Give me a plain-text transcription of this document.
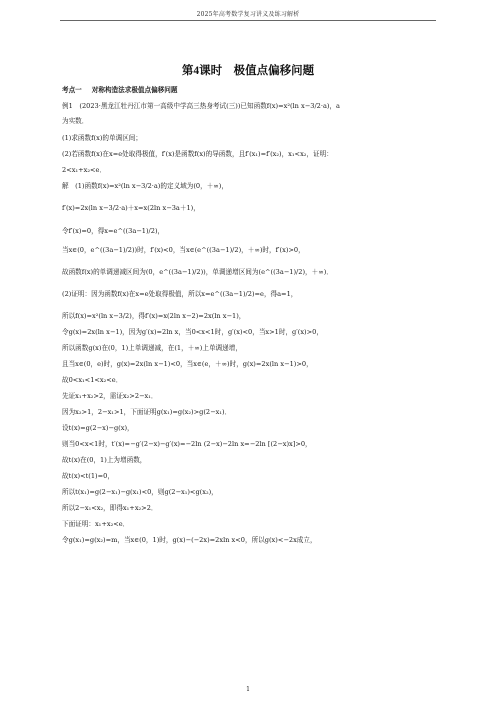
2025年高考数学复习讲义及练习解析
第4课时　极值点偏移问题
考点一 对称构造法求极值点偏移问题
例1　(2023·黑龙江牡丹江市第一高级中学高三热身考试(三))已知函数f(x)=x²(ln x−3/2·a)，a
为实数．
(1)求函数f(x)的单调区间；
(2)若函数f(x)在x=e处取得极值，f′(x)是函数f(x)的导函数，且f′(x₁)=f′(x₂)，x₁<x₂，证明：
2<x₁+x₂<e．
解　(1)函数f(x)=x²(ln x−3/2·a)的定义域为(0，＋∞)，
f′(x)=2x(ln x−3/2·a)＋x=x(2ln x−3a＋1)，
令f′(x)=0，得x=e^((3a−1)/2)，
当x∈(0，e^((3a−1)/2))时，f′(x)<0，当x∈(e^((3a−1)/2)，＋∞)时，f′(x)>0，
故函数f(x)的单调递减区间为(0，e^((3a−1)/2))，单调递增区间为(e^((3a−1)/2)，＋∞)．
(2)证明：因为函数f(x)在x=e处取得极值，所以x=e^((3a−1)/2)=e，得a=1，
所以f(x)=x²(ln x−3/2)，得f′(x)=x(2ln x−2)=2x(ln x−1)，
令g(x)=2x(ln x−1)，因为g′(x)=2ln x，当0<x<1时，g′(x)<0，当x>1时，g′(x)>0，
所以函数g(x)在(0，1)上单调递减，在(1，＋∞)上单调递增，
且当x∈(0，e)时，g(x)=2x(ln x−1)<0，当x∈(e，＋∞)时，g(x)=2x(ln x−1)>0，
故0<x₁<1<x₂<e．
先证x₁+x₂>2，需证x₂>2−x₁．
因为x₂>1，2−x₁>1，下面证明g(x₁)=g(x₂)>g(2−x₁)．
设t(x)=g(2−x)−g(x)，
则当0<x<1时，t′(x)=−g′(2−x)−g′(x)=−2ln (2−x)−2ln x=−2ln [(2−x)x]>0，
故t(x)在(0，1)上为增函数，
故t(x)<t(1)=0，
所以t(x₁)=g(2−x₁)−g(x₁)<0，则g(2−x₁)<g(x₂)，
所以2−x₁<x₂，即得x₁+x₂>2．
下面证明：x₁+x₂<e．
令g(x₁)=g(x₂)=m，当x∈(0，1)时，g(x)−(−2x)=2xln x<0，所以g(x)<−2x成立，
1
